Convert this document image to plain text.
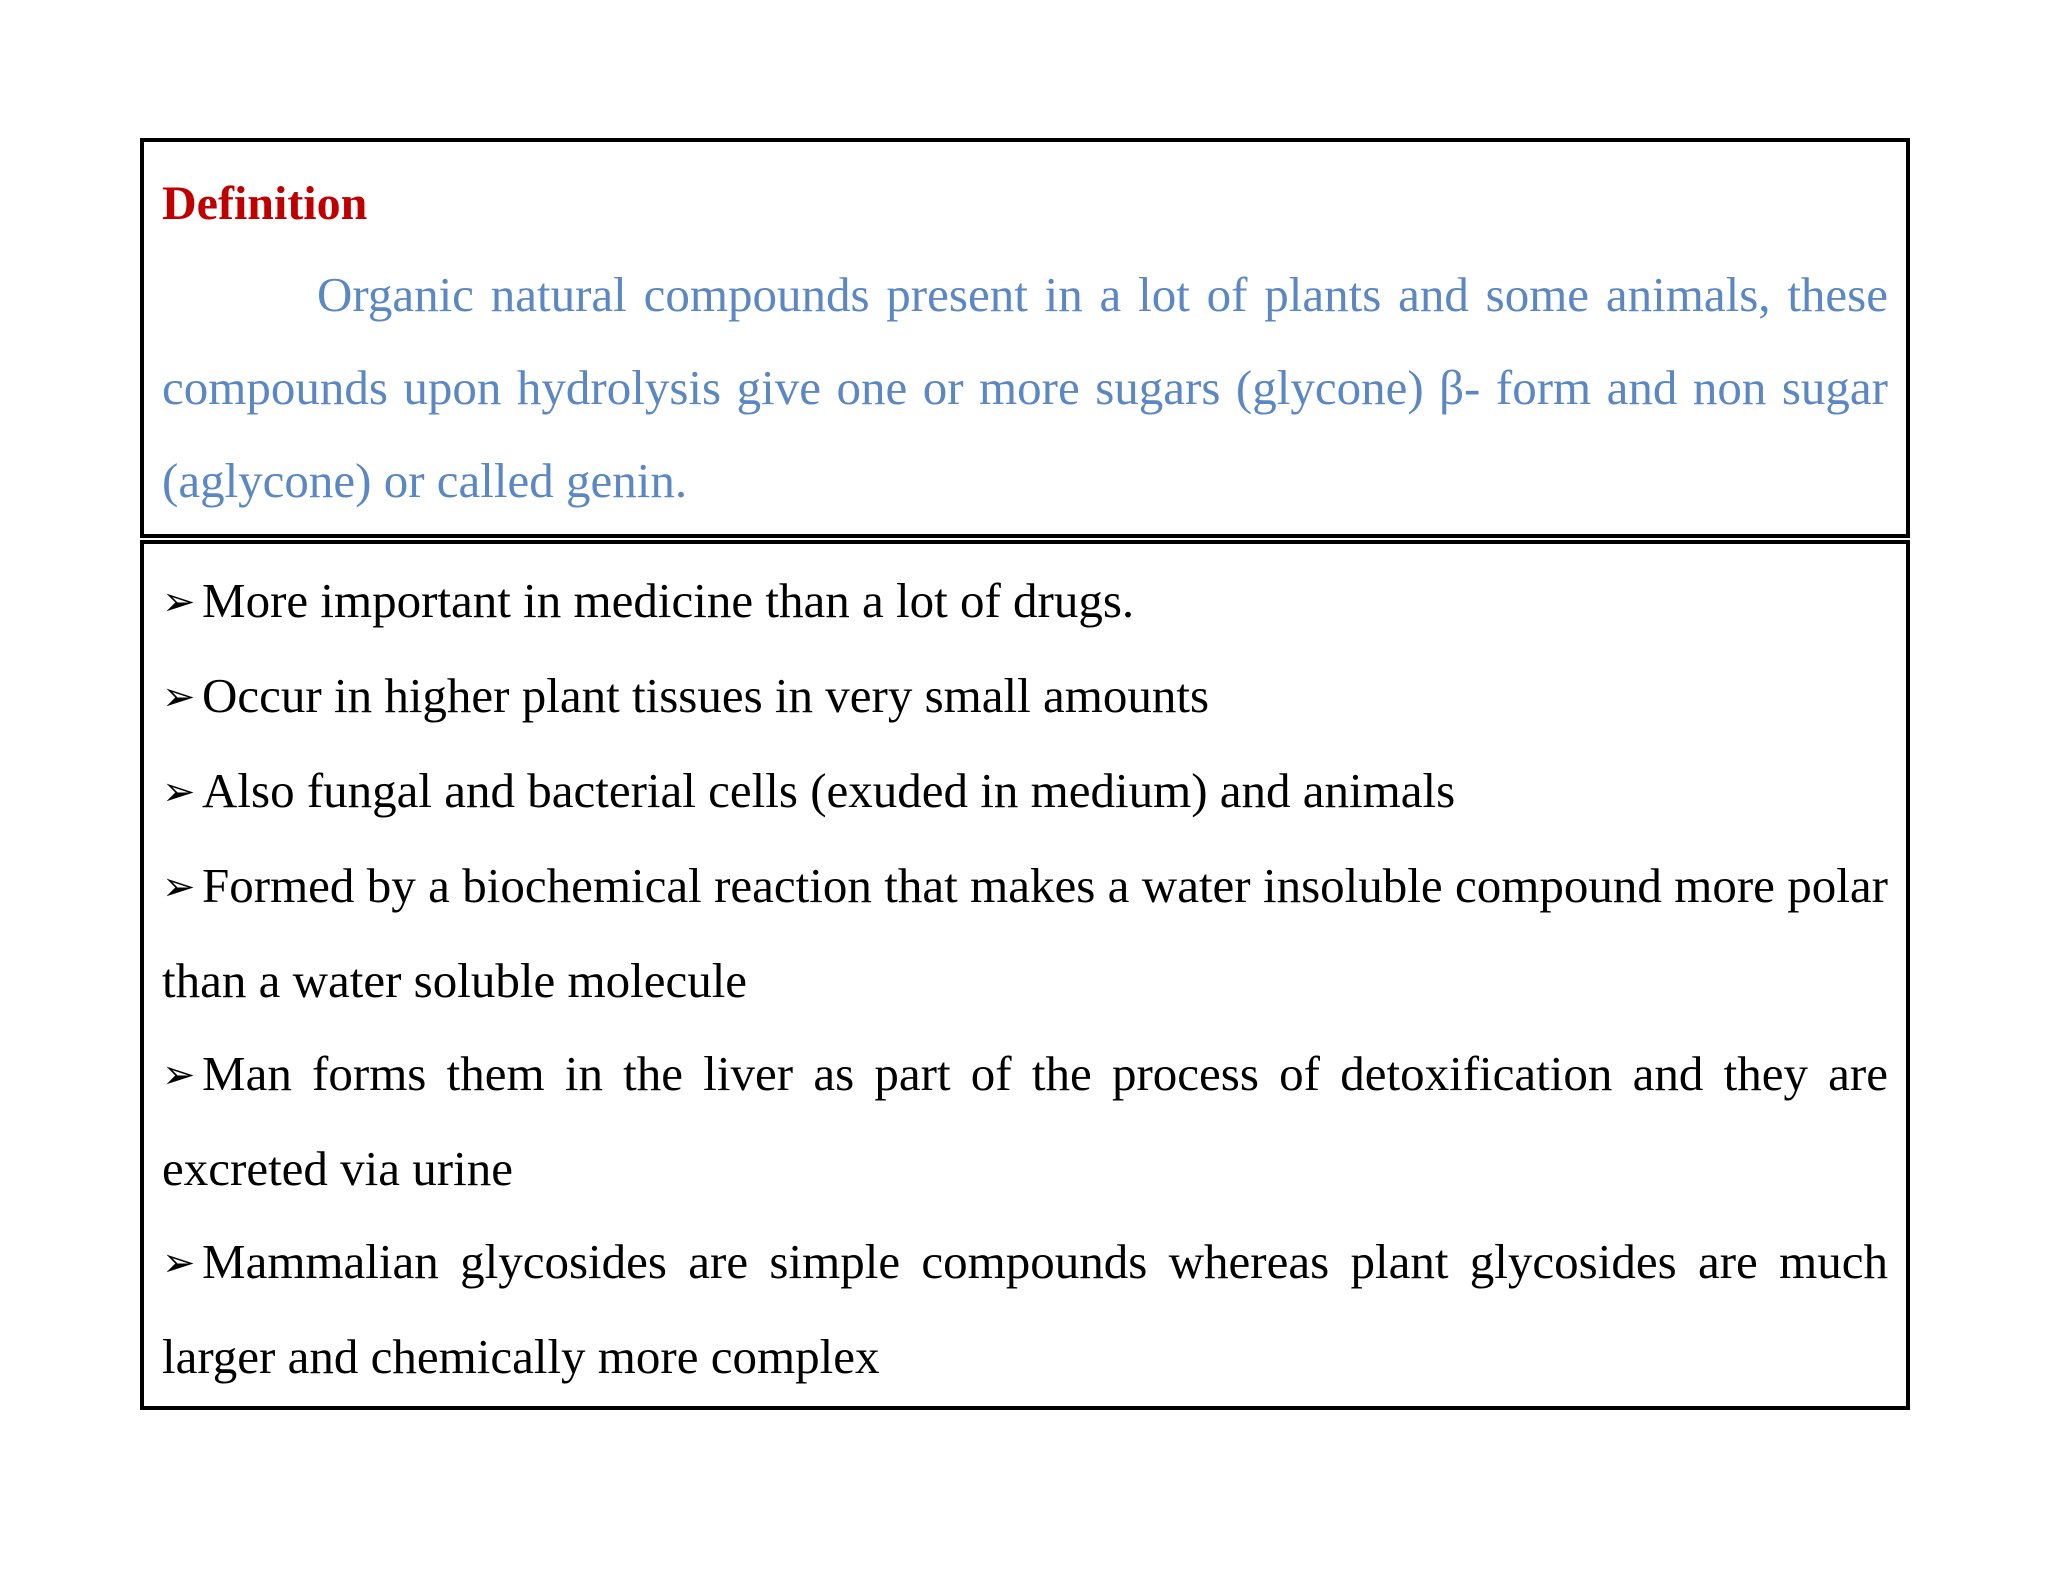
Definition

Organic natural compounds present in a lot of plants and some animals, these compounds upon hydrolysis give one or more sugars (glycone) β- form and non sugar (aglycone) or called genin.

➢ More important in medicine than a lot of drugs.

➢ Occur in higher plant tissues in very small amounts

➢ Also fungal and bacterial cells (exuded in medium) and animals

➢ Formed by a biochemical reaction that makes a water insoluble compound more polar than a water soluble molecule

➢ Man forms them in the liver as part of the process of detoxification and they are excreted via urine

➢ Mammalian glycosides are simple compounds whereas plant glycosides are much larger and chemically more complex
